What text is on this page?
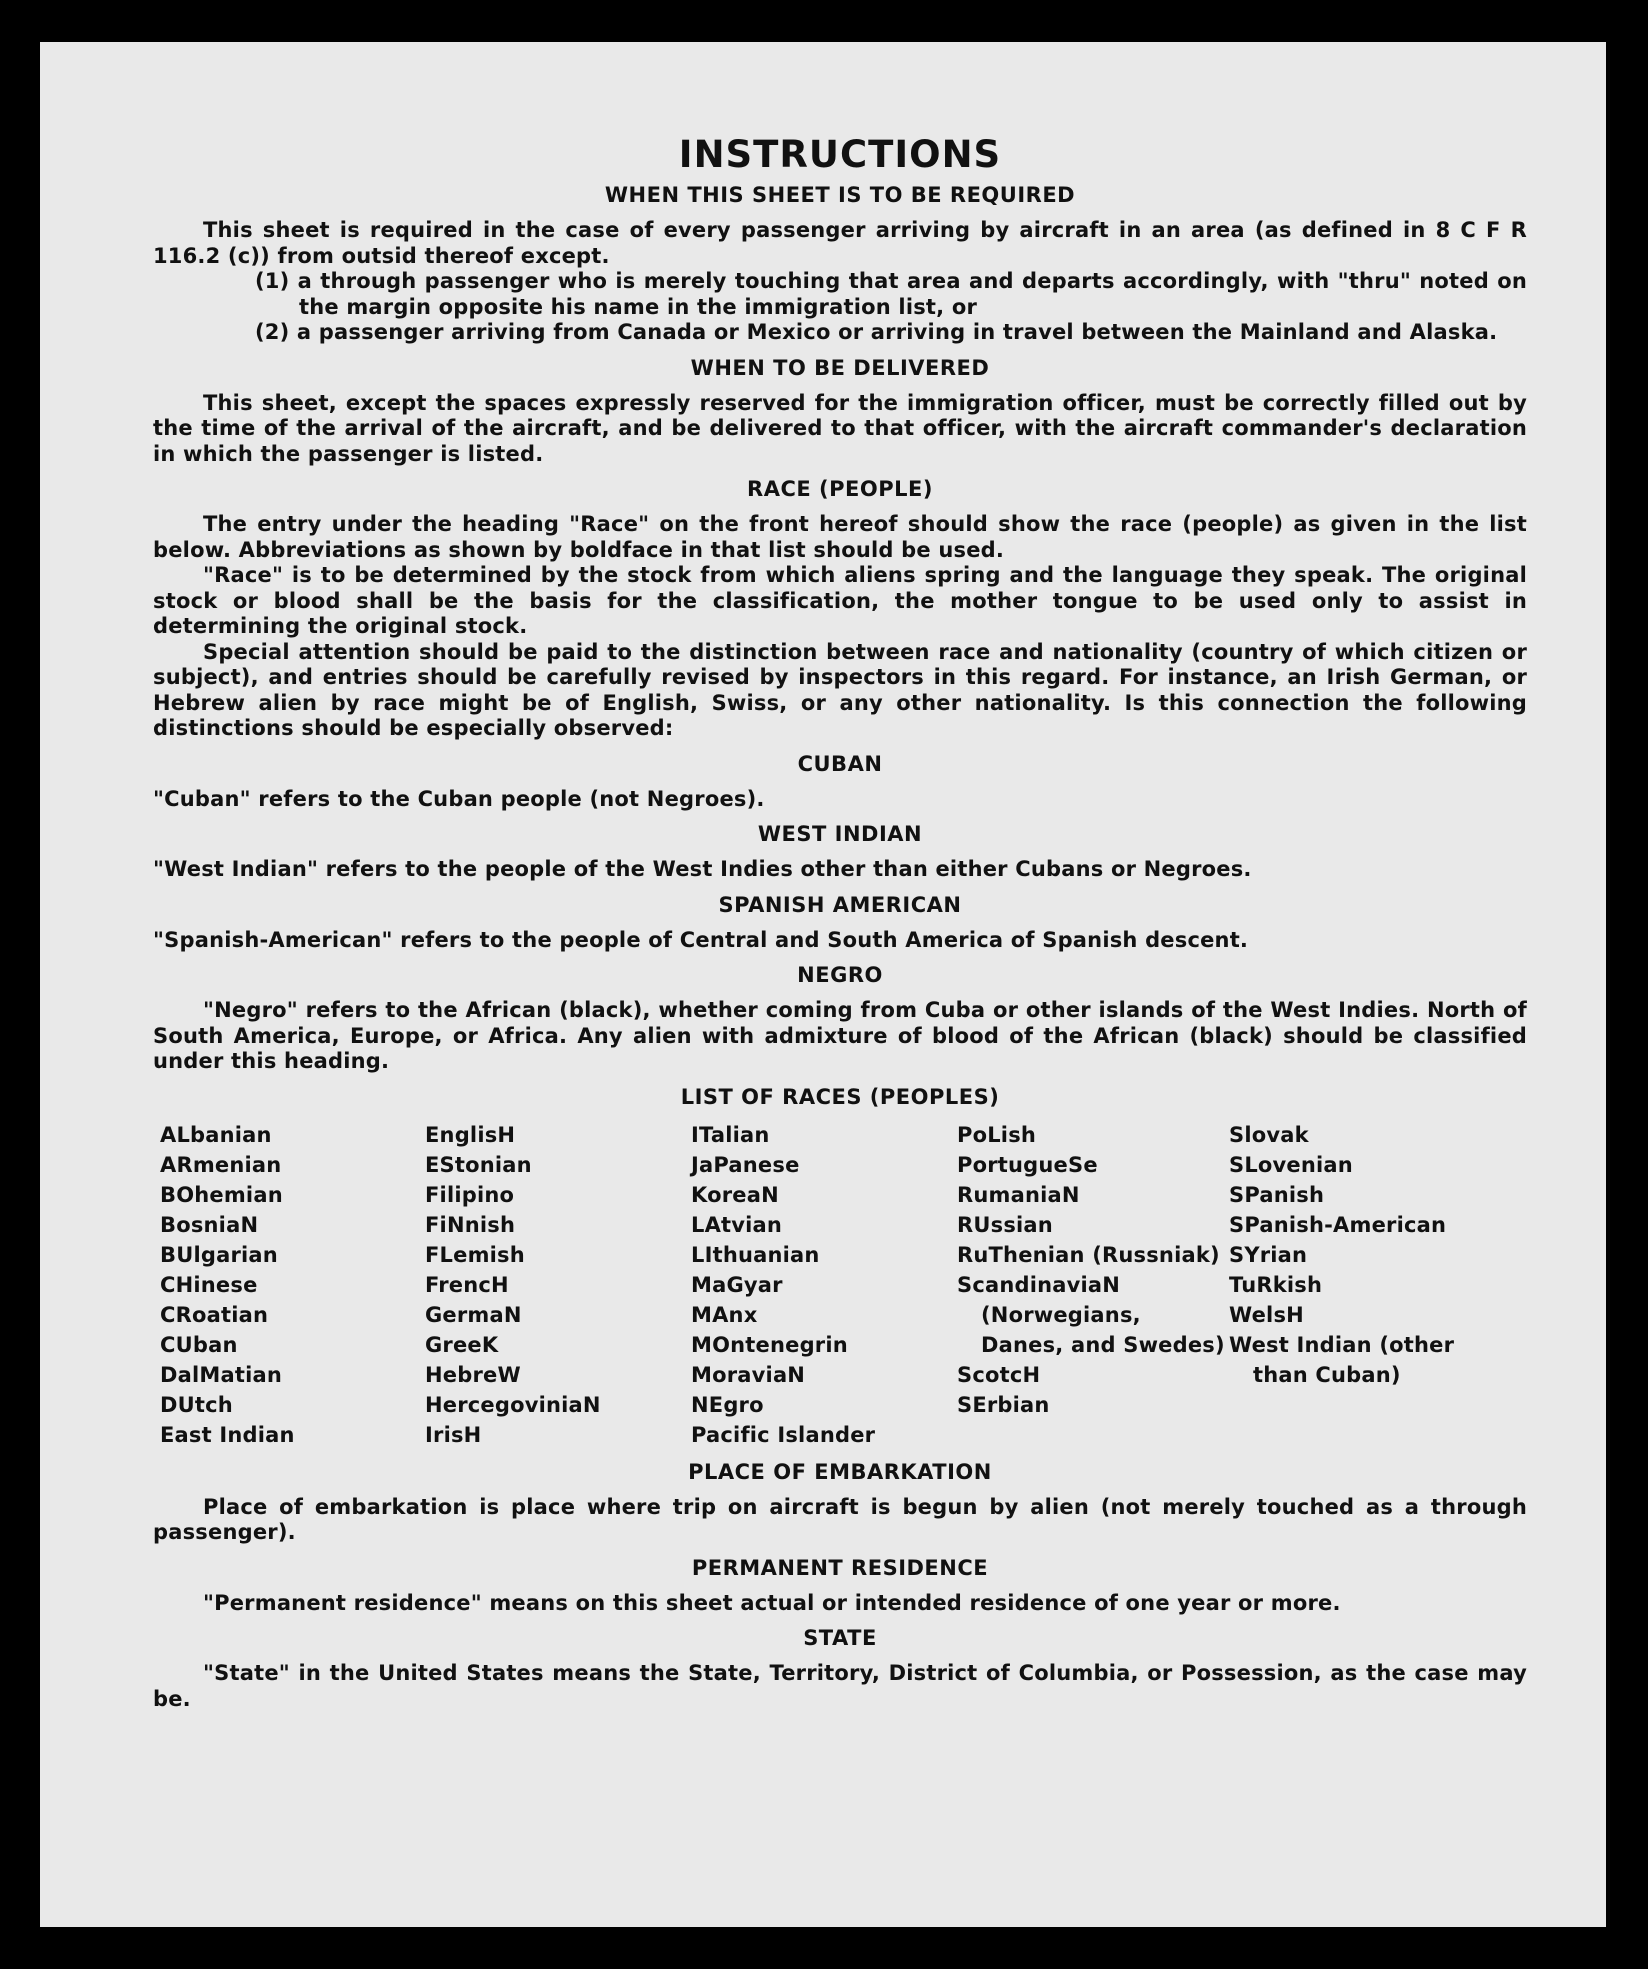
INSTRUCTIONS
WHEN THIS SHEET IS TO BE REQUIRED

This sheet is required in the case of every passenger arriving by aircraft in an area (as defined in 8 C F R 116.2 (c)) from outsid thereof except.

(1) a through passenger who is merely touching that area and departs accordingly, with "thru" noted on the margin opposite his name in the immigration list, or
(2) a passenger arriving from Canada or Mexico or arriving in travel between the Mainland and Alaska.
WHEN TO BE DELIVERED

This sheet, except the spaces expressly reserved for the immigration officer, must be correctly filled out by the time of the arrival of the aircraft, and be delivered to that officer, with the aircraft commander's declaration in which the passenger is listed.

RACE (PEOPLE)

The entry under the heading "Race" on the front hereof should show the race (people) as given in the list below. Abbreviations as shown by boldface in that list should be used.

"Race" is to be determined by the stock from which aliens spring and the language they speak. The original stock or blood shall be the basis for the classification, the mother tongue to be used only to assist in determining the original stock.

Special attention should be paid to the distinction between race and nationality (country of which citizen or subject), and entries should be carefully revised by inspectors in this regard. For instance, an Irish German, or Hebrew alien by race might be of English, Swiss, or any other nationality. Is this connection the following distinctions should be especially observed:

CUBAN

"Cuban" refers to the Cuban people (not Negroes).

WEST INDIAN

"West Indian" refers to the people of the West Indies other than either Cubans or Negroes.

SPANISH AMERICAN

"Spanish-American" refers to the people of Central and South America of Spanish descent.

NEGRO

"Negro" refers to the African (black), whether coming from Cuba or other islands of the West Indies. North of South America, Europe, or Africa. Any alien with admixture of blood of the African (black) should be classified under this heading.

LIST OF RACES (PEOPLES)
ALbanian
ARmenian
BOhemian
BosniaN
BUlgarian
CHinese
CRoatian
CUban
DalMatian
DUtch
East Indian
EnglisH
EStonian
Filipino
FiNnish
FLemish
FrencH
GermaN
GreeK
HebreW
HercegoviniaN
IrisH
ITalian
JaPanese
KoreaN
LAtvian
LIthuanian
MaGyar
MAnx
MOntenegrin
MoraviaN
NEgro
Pacific Islander
PoLish
PortugueSe
RumaniaN
RUssian
RuThenian (Russniak)
ScandinaviaN (Norwegians, Danes, and Swedes)
ScotcH
SErbian
Slovak
SLovenian
SPanish
SPanish-American
SYrian
TuRkish
WelsH
West Indian (other than Cuban)
PLACE OF EMBARKATION

Place of embarkation is place where trip on aircraft is begun by alien (not merely touched as a through passenger).

PERMANENT RESIDENCE

"Permanent residence" means on this sheet actual or intended residence of one year or more.

STATE

"State" in the United States means the State, Territory, District of Columbia, or Possession, as the case may be.
